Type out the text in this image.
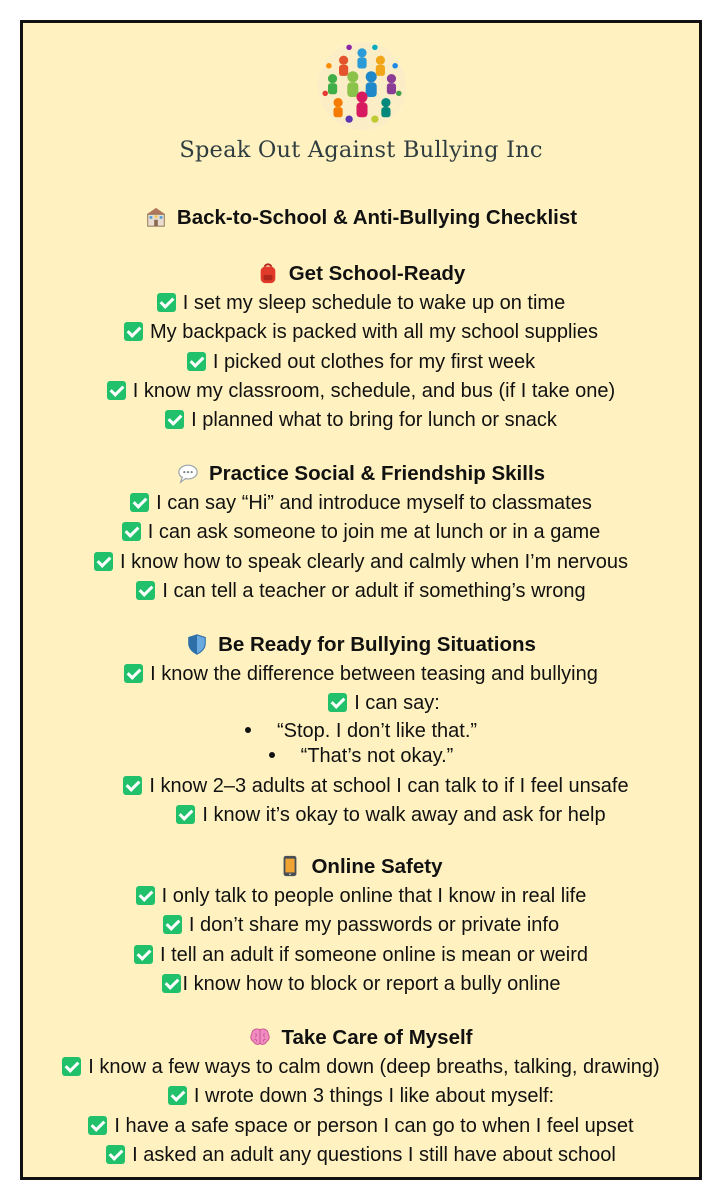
Speak Out Against Bullying Inc
Back-to-School & Anti-Bullying Checklist
Get School-Ready
I set my sleep schedule to wake up on time
My backpack is packed with all my school supplies
I picked out clothes for my first week
I know my classroom, schedule, and bus (if I take one)
I planned what to bring for lunch or snack
Practice Social & Friendship Skills
I can say “Hi” and introduce myself to classmates
I can ask someone to join me at lunch or in a game
I know how to speak clearly and calmly when I’m nervous
I can tell a teacher or adult if something’s wrong
Be Ready for Bullying Situations
I know the difference between teasing and bullying
I can say:
“Stop. I don’t like that.”
“That’s not okay.”
I know 2–3 adults at school I can talk to if I feel unsafe
I know it’s okay to walk away and ask for help
Online Safety
I only talk to people online that I know in real life
I don’t share my passwords or private info
I tell an adult if someone online is mean or weird
I know how to block or report a bully online
Take Care of Myself
I know a few ways to calm down (deep breaths, talking, drawing)
I wrote down 3 things I like about myself:
I have a safe space or person I can go to when I feel upset
I asked an adult any questions I still have about school
